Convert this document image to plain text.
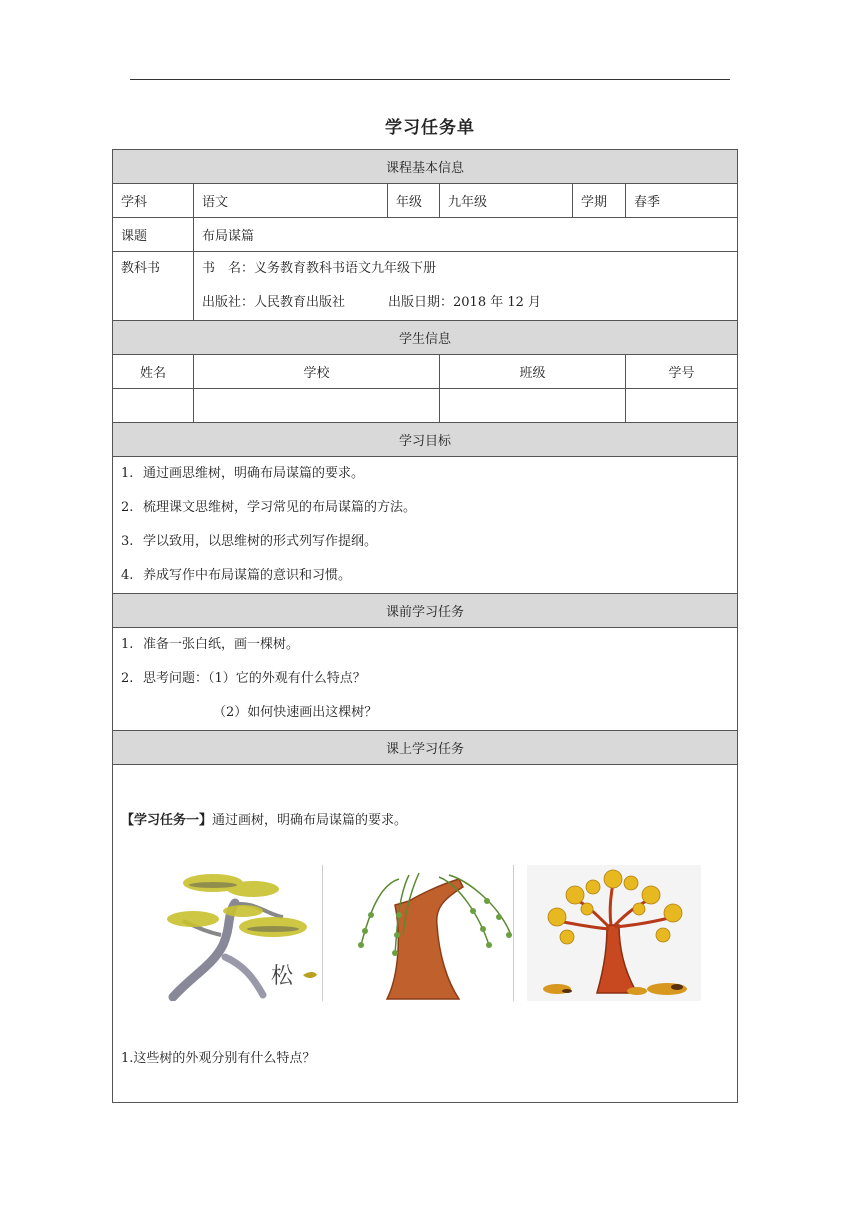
学习任务单
课程基本信息					
学科	语文	年级	九年级	学期	春季
课题	布局谋篇				

教科书	书　名：义务教育教科书语文九年级下册
出版社：人民教育出版社 出版日期：2018 年 12 月				

学生信息					
姓名	学校		班级		学号

学习目标					

1. 通过画思维树，明确布局谋篇的要求。
2. 梳理课文思维树，学习常见的布局谋篇的方法。
3. 学以致用，以思维树的形式列写作提纲。
4. 养成写作中布局谋篇的意识和习惯。					

课前学习任务					

1. 准备一张白纸，画一棵树。
2. 思考问题：（1）它的外观有什么特点？
（2）如何快速画出这棵树？					

课上学习任务					

【学习任务一】通过画树，明确布局谋篇的要求。
松
1.这些树的外观分别有什么特点？					
